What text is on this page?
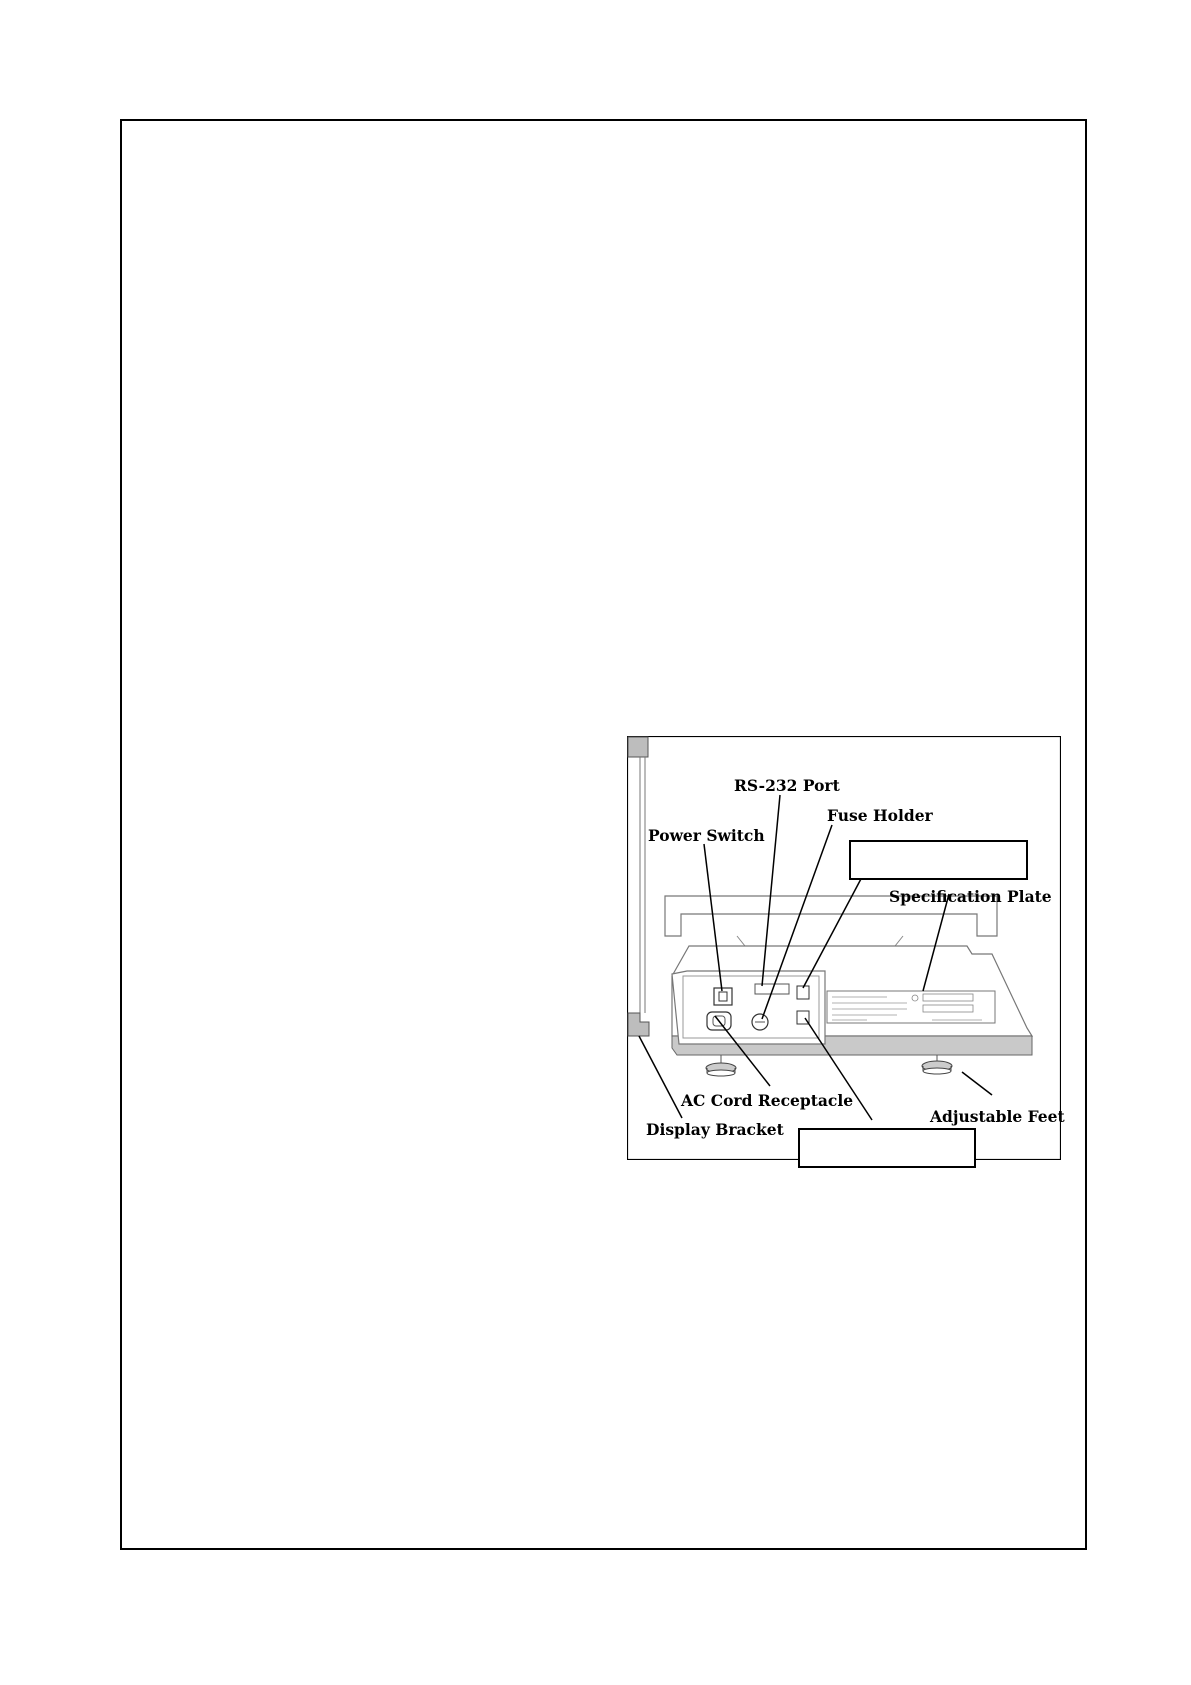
RS-232 Port
Fuse Holder
Power Switch
Specification Plate
AC Cord Receptacle
Adjustable Feet
Display Bracket
